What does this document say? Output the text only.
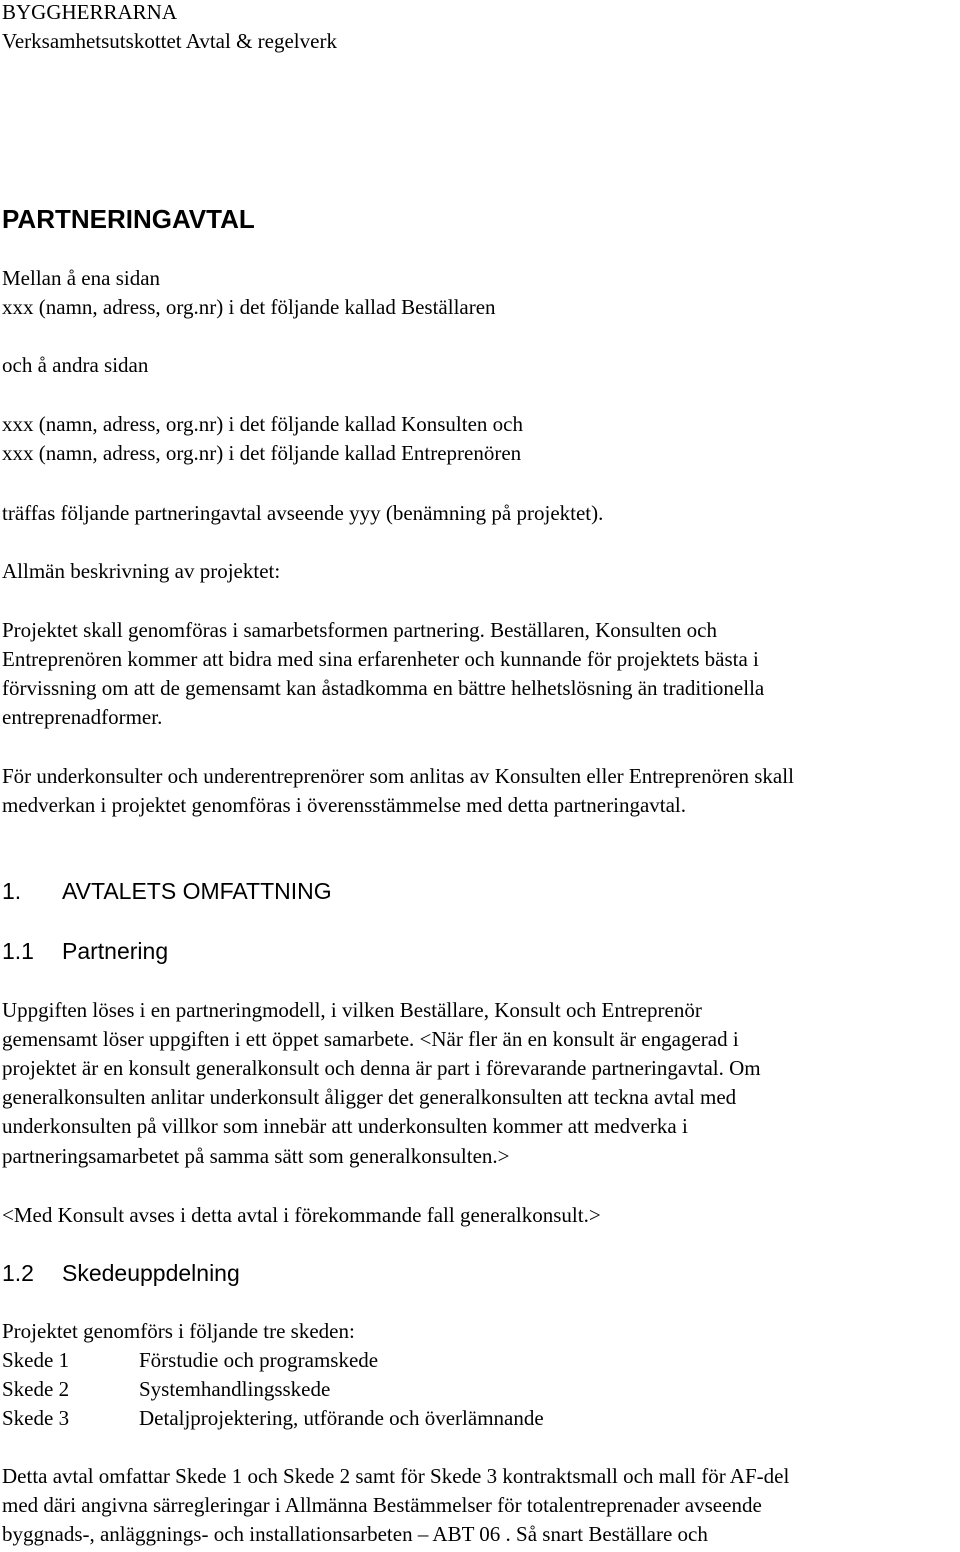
BYGGHERRARNA
Verksamhetsutskottet Avtal & regelverk
PARTNERINGAVTAL
Mellan å ena sidan
xxx (namn, adress, org.nr) i det följande kallad Beställaren
och å andra sidan
xxx (namn, adress, org.nr) i det följande kallad Konsulten och
xxx (namn, adress, org.nr) i det följande kallad Entreprenören
träffas följande partneringavtal avseende yyy (benämning på projektet).
Allmän beskrivning av projektet:
Projektet skall genomföras i samarbetsformen partnering. Beställaren, Konsulten och
Entreprenören kommer att bidra med sina erfarenheter och kunnande för projektets bästa i
förvissning om att de gemensamt kan åstadkomma en bättre helhetslösning än traditionella
entreprenadformer.
För underkonsulter och underentreprenörer som anlitas av Konsulten eller Entreprenören skall
medverkan i projektet genomföras i överensstämmelse med detta partneringavtal.
1. AVTALETS OMFATTNING
1.1 Partnering
Uppgiften löses i en partneringmodell, i vilken Beställare, Konsult och Entreprenör
gemensamt löser uppgiften i ett öppet samarbete. <När fler än en konsult är engagerad i
projektet är en konsult generalkonsult och denna är part i förevarande partneringavtal. Om
generalkonsulten anlitar underkonsult åligger det generalkonsulten att teckna avtal med
underkonsulten på villkor som innebär att underkonsulten kommer att medverka i
partneringsamarbetet på samma sätt som generalkonsulten.>
<Med Konsult avses i detta avtal i förekommande fall generalkonsult.>
1.2 Skedeuppdelning
Projektet genomförs i följande tre skeden:
Skede 1	Förstudie och programskede
Skede 2	Systemhandlingsskede
Skede 3	Detaljprojektering, utförande och överlämnande
Detta avtal omfattar Skede 1 och Skede 2 samt för Skede 3 kontraktsmall och mall för AF-del
med däri angivna särregleringar i Allmänna Bestämmelser för totalentreprenader avseende
byggnads-, anläggnings- och installationsarbeten – ABT 06 . Så snart Beställare och
